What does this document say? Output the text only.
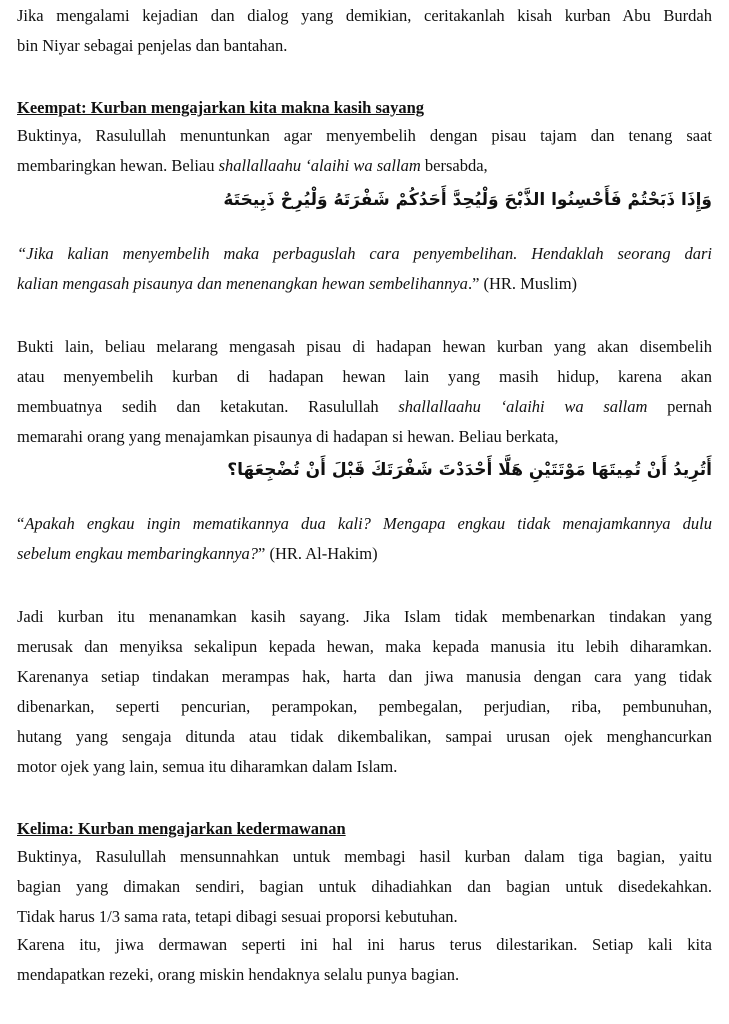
Jika mengalami kejadian dan dialog yang demikian, ceritakanlah kisah kurban Abu Burdah
bin Niyar sebagai penjelas dan bantahan.
Keempat: Kurban mengajarkan kita makna kasih sayang
Buktinya, Rasulullah menuntunkan agar menyembelih dengan pisau tajam dan tenang saat
membaringkan hewan. Beliau shallallaahu ‘alaihi wa sallam bersabda,
وَإِذَا ذَبَحْتُمْ فَأَحْسِنُوا الذَّبْحَ وَلْيُحِدَّ أَحَدُكُمْ شَفْرَتَهُ وَلْيُرِحْ ذَبِيحَتَهُ
“Jika kalian menyembelih maka perbaguslah cara penyembelihan. Hendaklah seorang dari
kalian mengasah pisaunya dan menenangkan hewan sembelihannya.” (HR. Muslim)
Bukti lain, beliau melarang mengasah pisau di hadapan hewan kurban yang akan disembelih
atau menyembelih kurban di hadapan hewan lain yang masih hidup, karena akan
membuatnya sedih dan ketakutan. Rasulullah shallallaahu ‘alaihi wa sallam pernah
memarahi orang yang menajamkan pisaunya di hadapan si hewan. Beliau berkata,
أَتُرِيدُ أَنْ تُمِيتَهَا مَوْتَتَيْنِ هَلَّا أَحْدَدْتَ شَفْرَتَكَ قَبْلَ أَنْ تُضْجِعَهَا؟
“Apakah engkau ingin mematikannya dua kali? Mengapa engkau tidak menajamkannya dulu
sebelum engkau membaringkannya?” (HR. Al-Hakim)
Jadi kurban itu menanamkan kasih sayang. Jika Islam tidak membenarkan tindakan yang
merusak dan menyiksa sekalipun kepada hewan, maka kepada manusia itu lebih diharamkan.
Karenanya setiap tindakan merampas hak, harta dan jiwa manusia dengan cara yang tidak
dibenarkan, seperti pencurian, perampokan, pembegalan, perjudian, riba, pembunuhan,
hutang yang sengaja ditunda atau tidak dikembalikan, sampai urusan ojek menghancurkan
motor ojek yang lain, semua itu diharamkan dalam Islam.
Kelima: Kurban mengajarkan kedermawanan
Buktinya, Rasulullah mensunnahkan untuk membagi hasil kurban dalam tiga bagian, yaitu
bagian yang dimakan sendiri, bagian untuk dihadiahkan dan bagian untuk disedekahkan.
Tidak harus 1/3 sama rata, tetapi dibagi sesuai proporsi kebutuhan.
Karena itu, jiwa dermawan seperti ini hal ini harus terus dilestarikan. Setiap kali kita
mendapatkan rezeki, orang miskin hendaknya selalu punya bagian.
